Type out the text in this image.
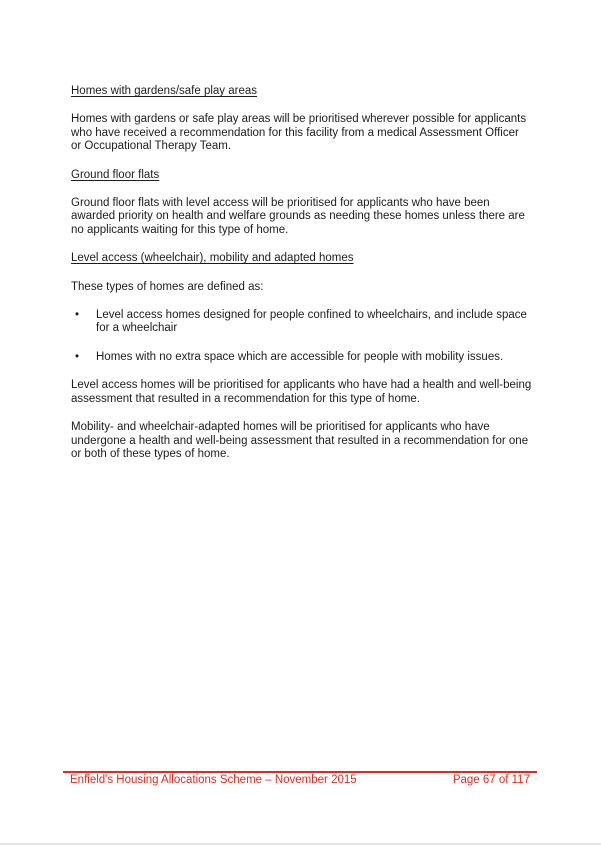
Homes with gardens/safe play areas

Homes with gardens or safe play areas will be prioritised wherever possible for applicants who have received a recommendation for this facility from a medical Assessment Officer or Occupational Therapy Team.

Ground floor flats

Ground floor flats with level access will be prioritised for applicants who have been awarded priority on health and welfare grounds as needing these homes unless there are no applicants waiting for this type of home.

Level access (wheelchair), mobility and adapted homes

These types of homes are defined as:

• Level access homes designed for people confined to wheelchairs, and include space for a wheelchair
• Homes with no extra space which are accessible for people with mobility issues.

Level access homes will be prioritised for applicants who have had a health and well-being assessment that resulted in a recommendation for this type of home.

Mobility- and wheelchair-adapted homes will be prioritised for applicants who have undergone a health and well-being assessment that resulted in a recommendation for one or both of these types of home.

Enfield's Housing Allocations Scheme – November 2015	Page 67 of 117
